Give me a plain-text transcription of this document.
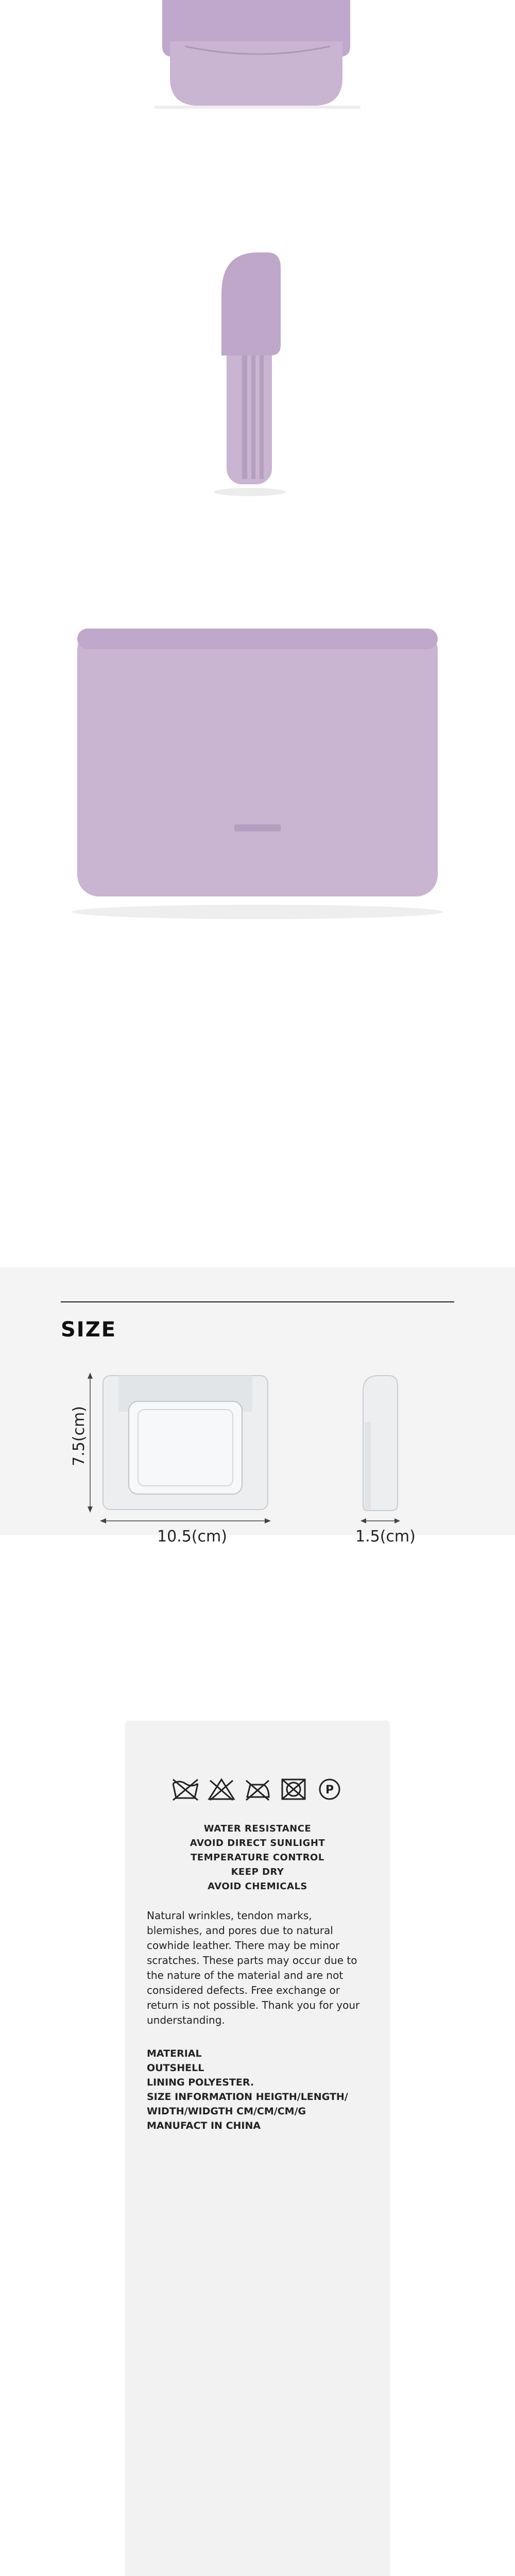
SIZE
7.5(cm)
10.5(cm)	1.5(cm)
P
WATER RESISTANCE
AVOID DIRECT SUNLIGHT
TEMPERATURE CONTROL
KEEP DRY
AVOID CHEMICALS
Natural wrinkles, tendon marks,
blemishes, and pores due to natural
cowhide leather. There may be minor
scratches. These parts may occur due to
the nature of the material and are not
considered defects. Free exchange or
return is not possible. Thank you for your
understanding.
MATERIAL
OUTSHELL
LINING POLYESTER.
SIZE INFORMATION HEIGTH/LENGTH/
WIDTH/WIDGTH CM/CM/CM/G
MANUFACT IN CHINA
